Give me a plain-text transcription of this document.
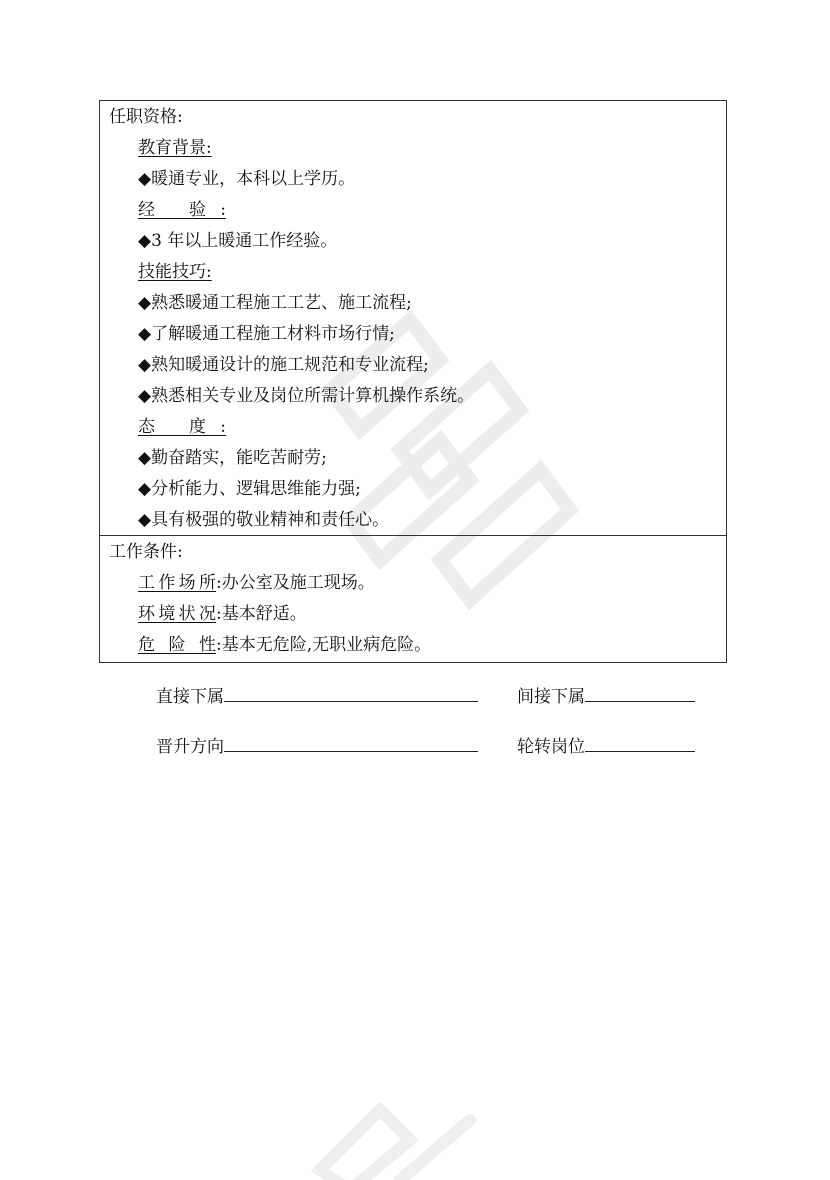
任职资格:
教育背景:
◆暖通专业，本科以上学历。
经 验:
◆3 年以上暖通工作经验。
技能技巧:
◆熟悉暖通工程施工工艺、施工流程;
◆了解暖通工程施工材料市场行情;
◆熟知暖通设计的施工规范和专业流程;
◆熟悉相关专业及岗位所需计算机操作系统。
态 度:
◆勤奋踏实，能吃苦耐劳;
◆分析能力、逻辑思维能力强;
◆具有极强的敬业精神和责任心。
工作条件:
工作场所:办公室及施工现场。
环境状况:基本舒适。
危 险 性:基本无危险,无职业病危险。
直接下属	间接下属
晋升方向	轮转岗位
